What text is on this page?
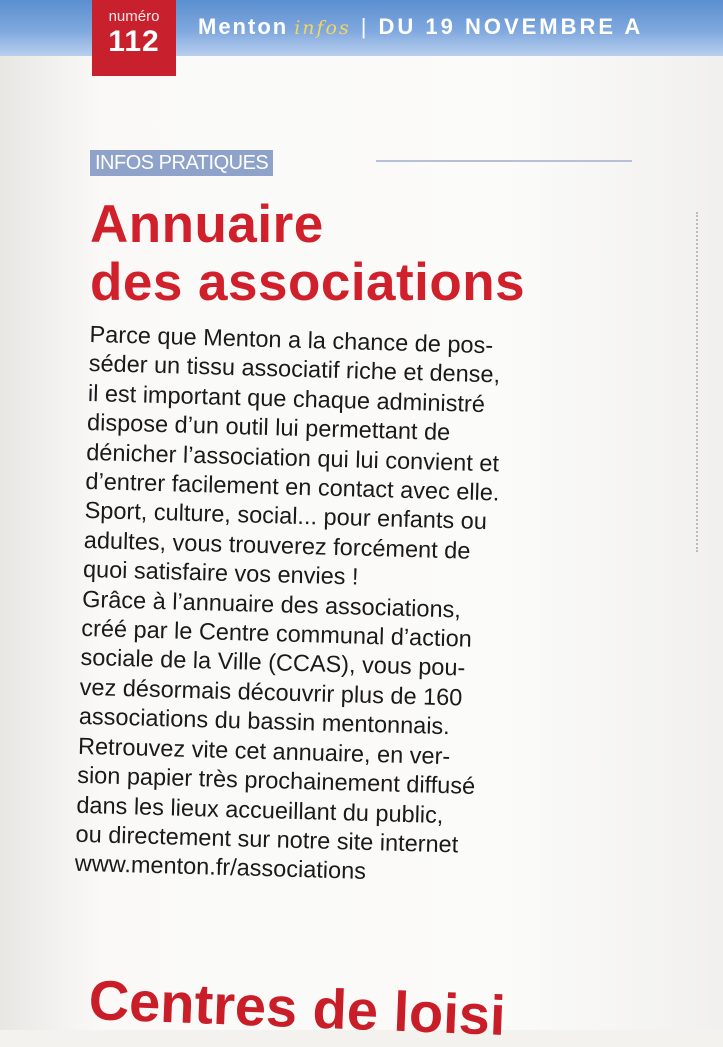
numéro
112	Menton infos | DU 19 NOVEMBRE A
INFOS PRATIQUES
Annuaire
des associations
Parce que Menton a la chance de pos-
séder un tissu associatif riche et dense,
il est important que chaque administré
dispose d’un outil lui permettant de
dénicher l’association qui lui convient et
d’entrer facilement en contact avec elle.
Sport, culture, social... pour enfants ou
adultes, vous trouverez forcément de
quoi satisfaire vos envies !
Grâce à l’annuaire des associations,
créé par le Centre communal d’action
sociale de la Ville (CCAS), vous pou-
vez désormais découvrir plus de 160
associations du bassin mentonnais.
Retrouvez vite cet annuaire, en ver-
sion papier très prochainement diffusé
dans les lieux accueillant du public,
ou directement sur notre site internet
www.menton.fr/associations
Centres de loisi
